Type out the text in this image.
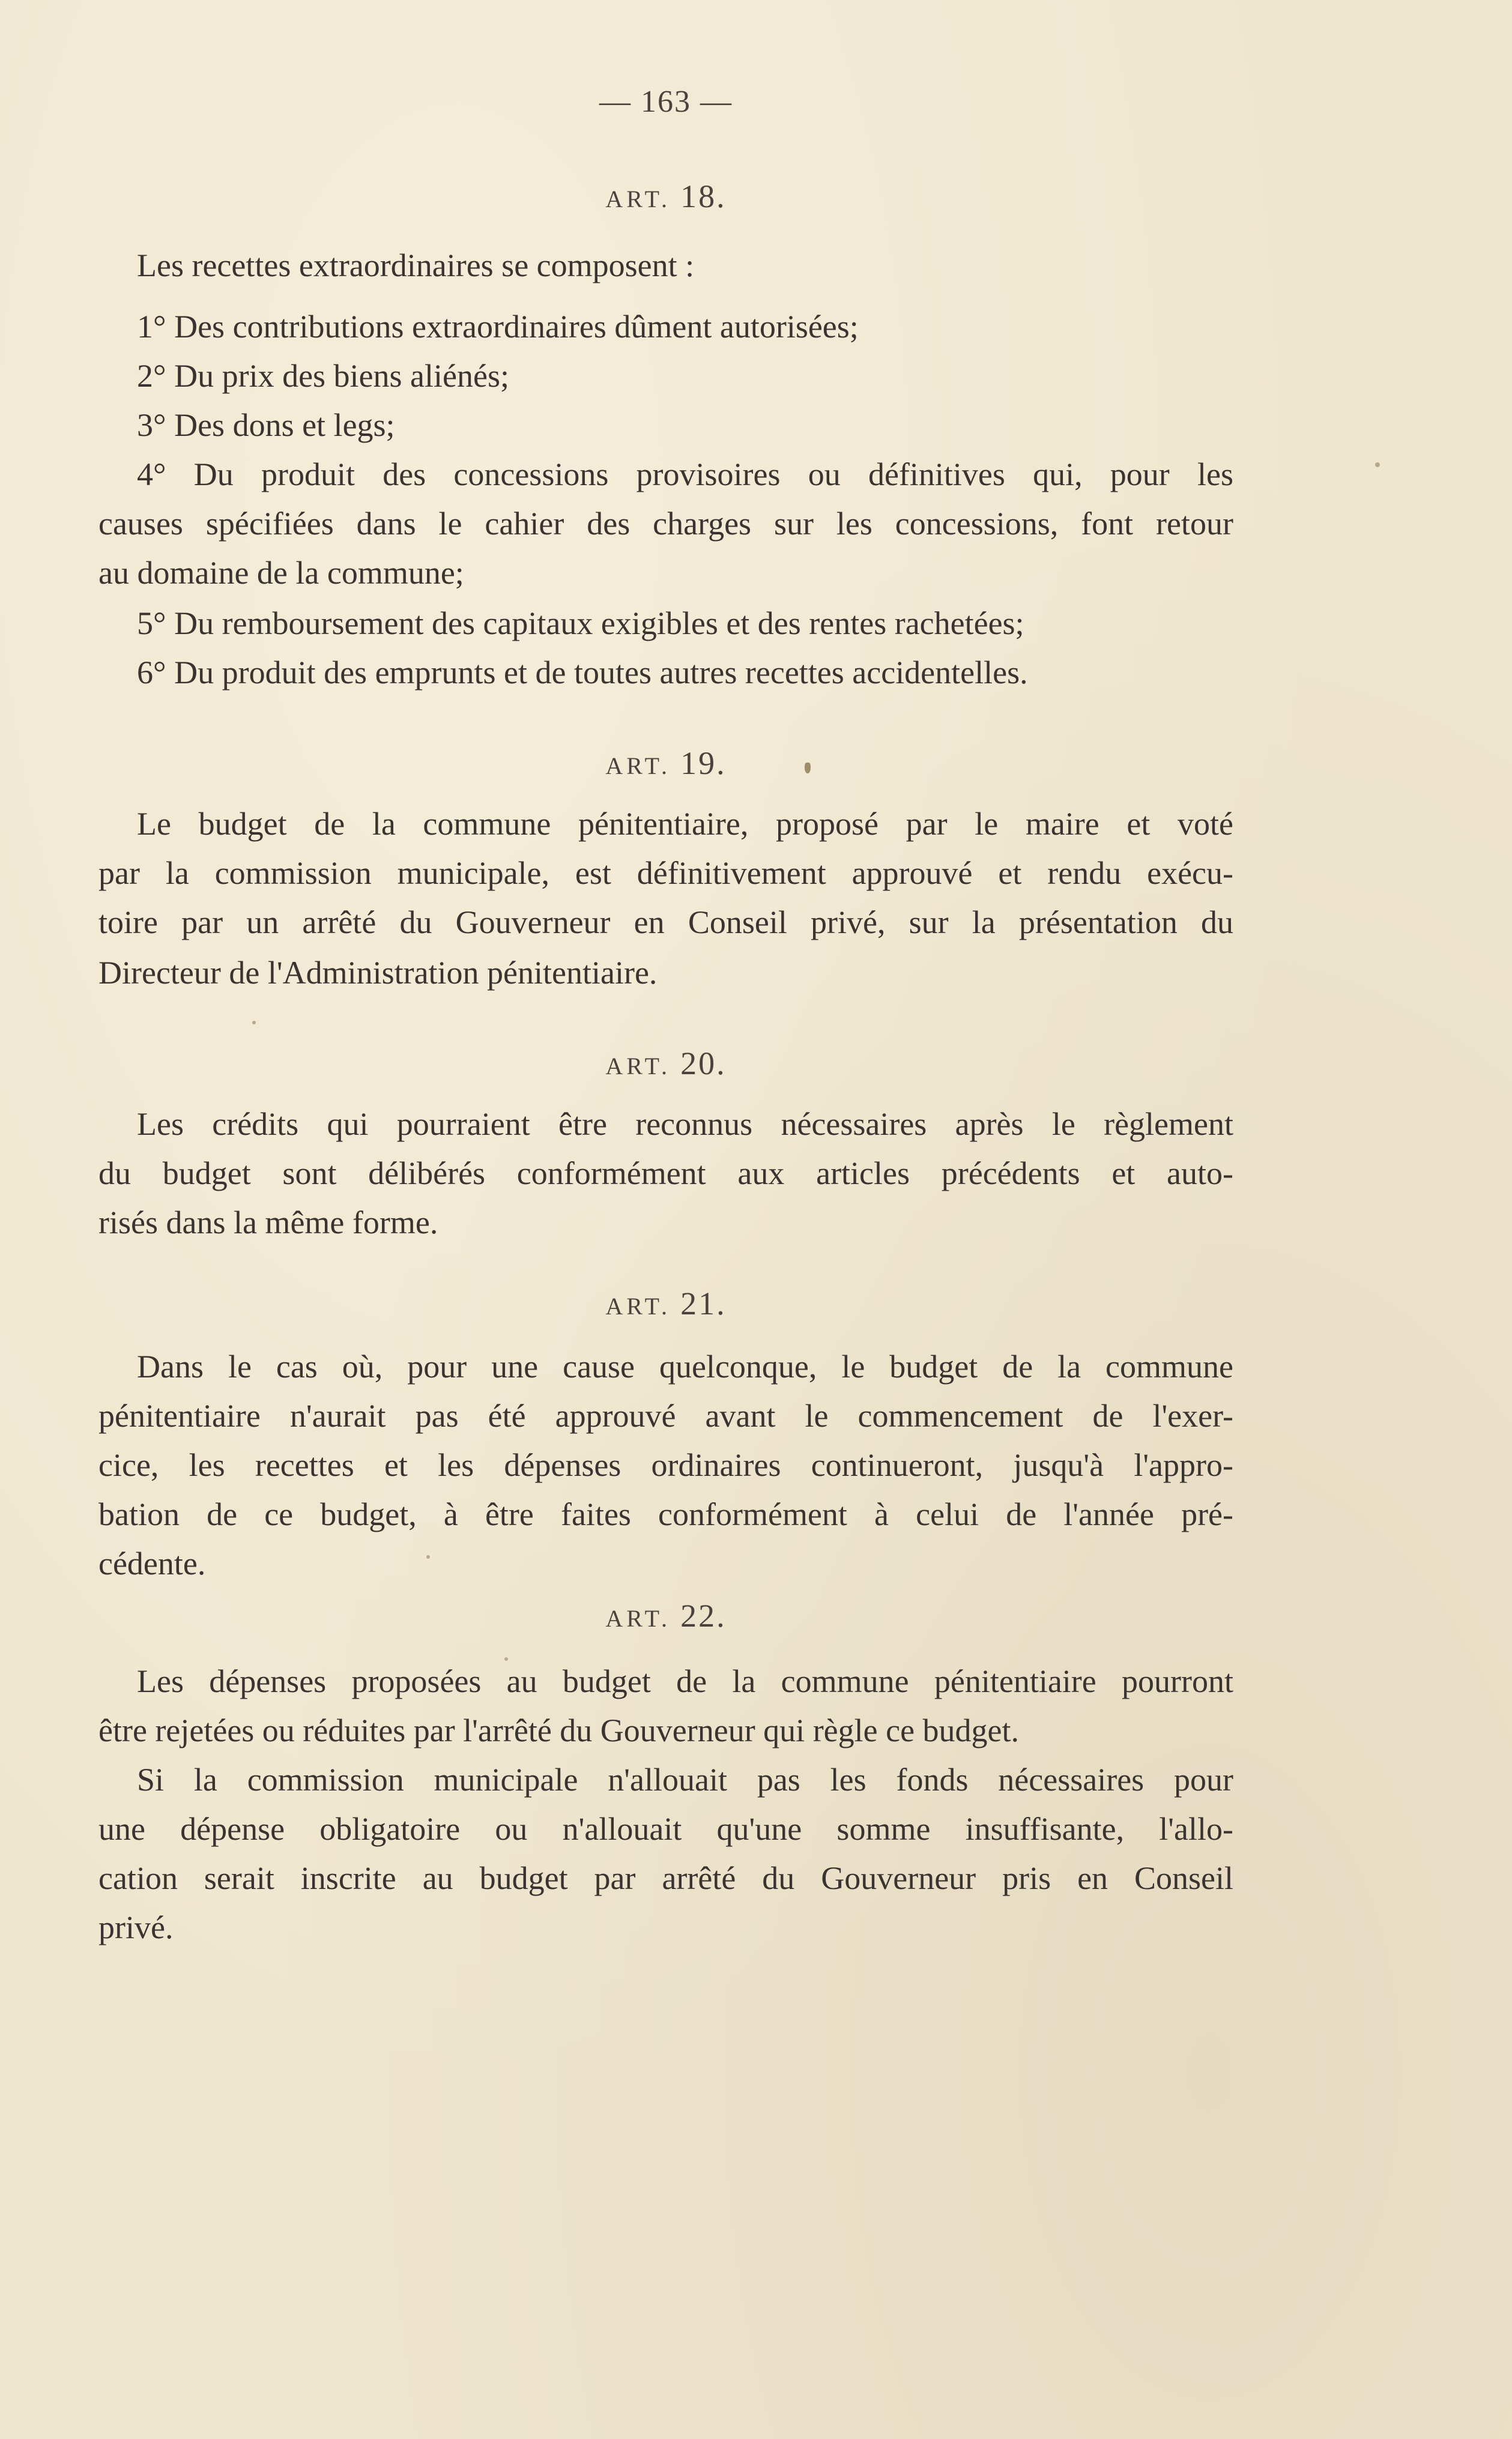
— 163 —
ART. 18.
Les recettes extraordinaires se composent :
1° Des contributions extraordinaires dûment autorisées;
2° Du prix des biens aliénés;
3° Des dons et legs;
4° Du produit des concessions provisoires ou définitives qui, pour les
causes spécifiées dans le cahier des charges sur les concessions, font retour
au domaine de la commune;
5° Du remboursement des capitaux exigibles et des rentes rachetées;
6° Du produit des emprunts et de toutes autres recettes accidentelles.
ART. 19.
Le budget de la commune pénitentiaire, proposé par le maire et voté
par la commission municipale, est définitivement approuvé et rendu exécu-
toire par un arrêté du Gouverneur en Conseil privé, sur la présentation du
Directeur de l'Administration pénitentiaire.
ART. 20.
Les crédits qui pourraient être reconnus nécessaires après le règlement
du budget sont délibérés conformément aux articles précédents et auto-
risés dans la même forme.
ART. 21.
Dans le cas où, pour une cause quelconque, le budget de la commune
pénitentiaire n'aurait pas été approuvé avant le commencement de l'exer-
cice, les recettes et les dépenses ordinaires continueront, jusqu'à l'appro-
bation de ce budget, à être faites conformément à celui de l'année pré-
cédente.
ART. 22.
Les dépenses proposées au budget de la commune pénitentiaire pourront
être rejetées ou réduites par l'arrêté du Gouverneur qui règle ce budget.
Si la commission municipale n'allouait pas les fonds nécessaires pour
une dépense obligatoire ou n'allouait qu'une somme insuffisante, l'allo-
cation serait inscrite au budget par arrêté du Gouverneur pris en Conseil
privé.
